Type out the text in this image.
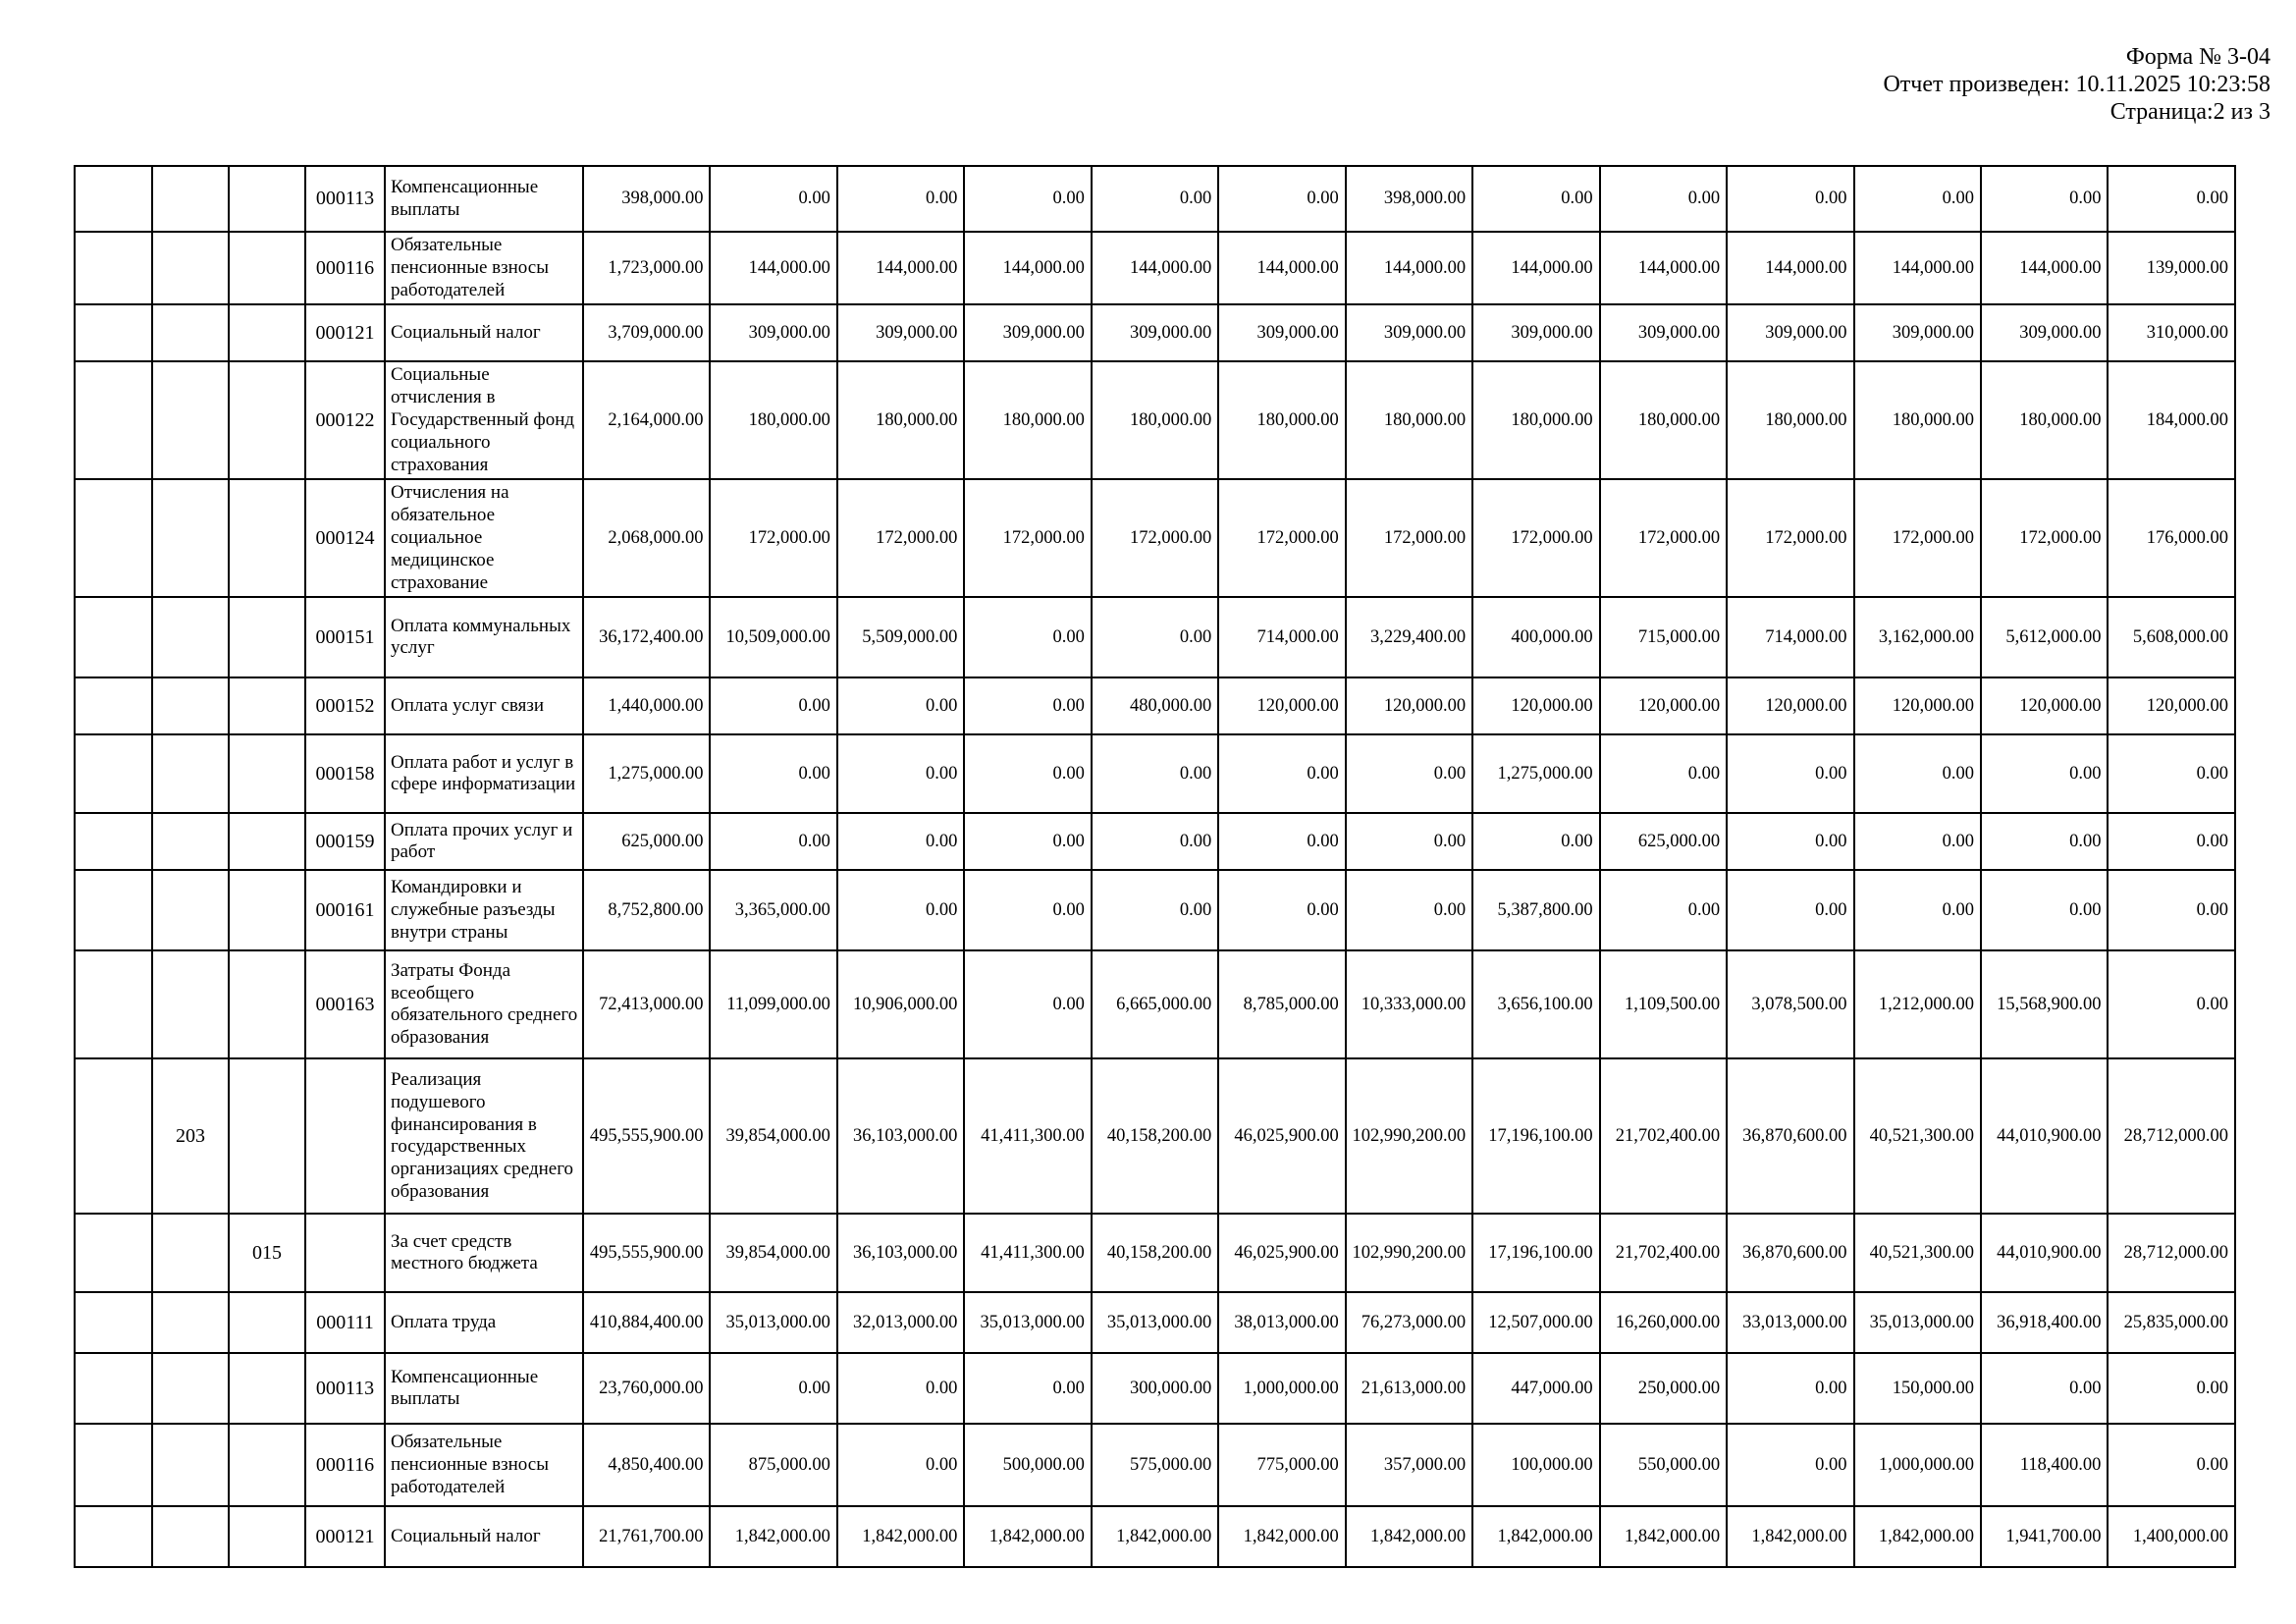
Форма № 3-04
Отчет произведен: 10.11.2025 10:23:58
Страница:2 из 3
			000113	Компенсационные выплаты	398,000.00	0.00	0.00	0.00	0.00	0.00	398,000.00	0.00	0.00	0.00	0.00	0.00	0.00
			000116	Обязательные пенсионные взносы работодателей	1,723,000.00	144,000.00	144,000.00	144,000.00	144,000.00	144,000.00	144,000.00	144,000.00	144,000.00	144,000.00	144,000.00	144,000.00	139,000.00
			000121	Социальный налог	3,709,000.00	309,000.00	309,000.00	309,000.00	309,000.00	309,000.00	309,000.00	309,000.00	309,000.00	309,000.00	309,000.00	309,000.00	310,000.00
			000122	Социальные отчисления в Государственный фонд социального страхования	2,164,000.00	180,000.00	180,000.00	180,000.00	180,000.00	180,000.00	180,000.00	180,000.00	180,000.00	180,000.00	180,000.00	180,000.00	184,000.00
			000124	Отчисления на обязательное социальное медицинское страхование	2,068,000.00	172,000.00	172,000.00	172,000.00	172,000.00	172,000.00	172,000.00	172,000.00	172,000.00	172,000.00	172,000.00	172,000.00	176,000.00
			000151	Оплата коммунальных услуг	36,172,400.00	10,509,000.00	5,509,000.00	0.00	0.00	714,000.00	3,229,400.00	400,000.00	715,000.00	714,000.00	3,162,000.00	5,612,000.00	5,608,000.00
			000152	Оплата услуг связи	1,440,000.00	0.00	0.00	0.00	480,000.00	120,000.00	120,000.00	120,000.00	120,000.00	120,000.00	120,000.00	120,000.00	120,000.00
			000158	Оплата работ и услуг в сфере информатизации	1,275,000.00	0.00	0.00	0.00	0.00	0.00	0.00	1,275,000.00	0.00	0.00	0.00	0.00	0.00
			000159	Оплата прочих услуг и работ	625,000.00	0.00	0.00	0.00	0.00	0.00	0.00	0.00	625,000.00	0.00	0.00	0.00	0.00
			000161	Командировки и служебные разъезды внутри страны	8,752,800.00	3,365,000.00	0.00	0.00	0.00	0.00	0.00	5,387,800.00	0.00	0.00	0.00	0.00	0.00
			000163	Затраты Фонда всеобщего обязательного среднего образования	72,413,000.00	11,099,000.00	10,906,000.00	0.00	6,665,000.00	8,785,000.00	10,333,000.00	3,656,100.00	1,109,500.00	3,078,500.00	1,212,000.00	15,568,900.00	0.00
	203			Реализация подушевого финансирования в государственных организациях среднего образования	495,555,900.00	39,854,000.00	36,103,000.00	41,411,300.00	40,158,200.00	46,025,900.00	102,990,200.00	17,196,100.00	21,702,400.00	36,870,600.00	40,521,300.00	44,010,900.00	28,712,000.00
		015		За счет средств местного бюджета	495,555,900.00	39,854,000.00	36,103,000.00	41,411,300.00	40,158,200.00	46,025,900.00	102,990,200.00	17,196,100.00	21,702,400.00	36,870,600.00	40,521,300.00	44,010,900.00	28,712,000.00
			000111	Оплата труда	410,884,400.00	35,013,000.00	32,013,000.00	35,013,000.00	35,013,000.00	38,013,000.00	76,273,000.00	12,507,000.00	16,260,000.00	33,013,000.00	35,013,000.00	36,918,400.00	25,835,000.00
			000113	Компенсационные выплаты	23,760,000.00	0.00	0.00	0.00	300,000.00	1,000,000.00	21,613,000.00	447,000.00	250,000.00	0.00	150,000.00	0.00	0.00
			000116	Обязательные пенсионные взносы работодателей	4,850,400.00	875,000.00	0.00	500,000.00	575,000.00	775,000.00	357,000.00	100,000.00	550,000.00	0.00	1,000,000.00	118,400.00	0.00
			000121	Социальный налог	21,761,700.00	1,842,000.00	1,842,000.00	1,842,000.00	1,842,000.00	1,842,000.00	1,842,000.00	1,842,000.00	1,842,000.00	1,842,000.00	1,842,000.00	1,941,700.00	1,400,000.00
